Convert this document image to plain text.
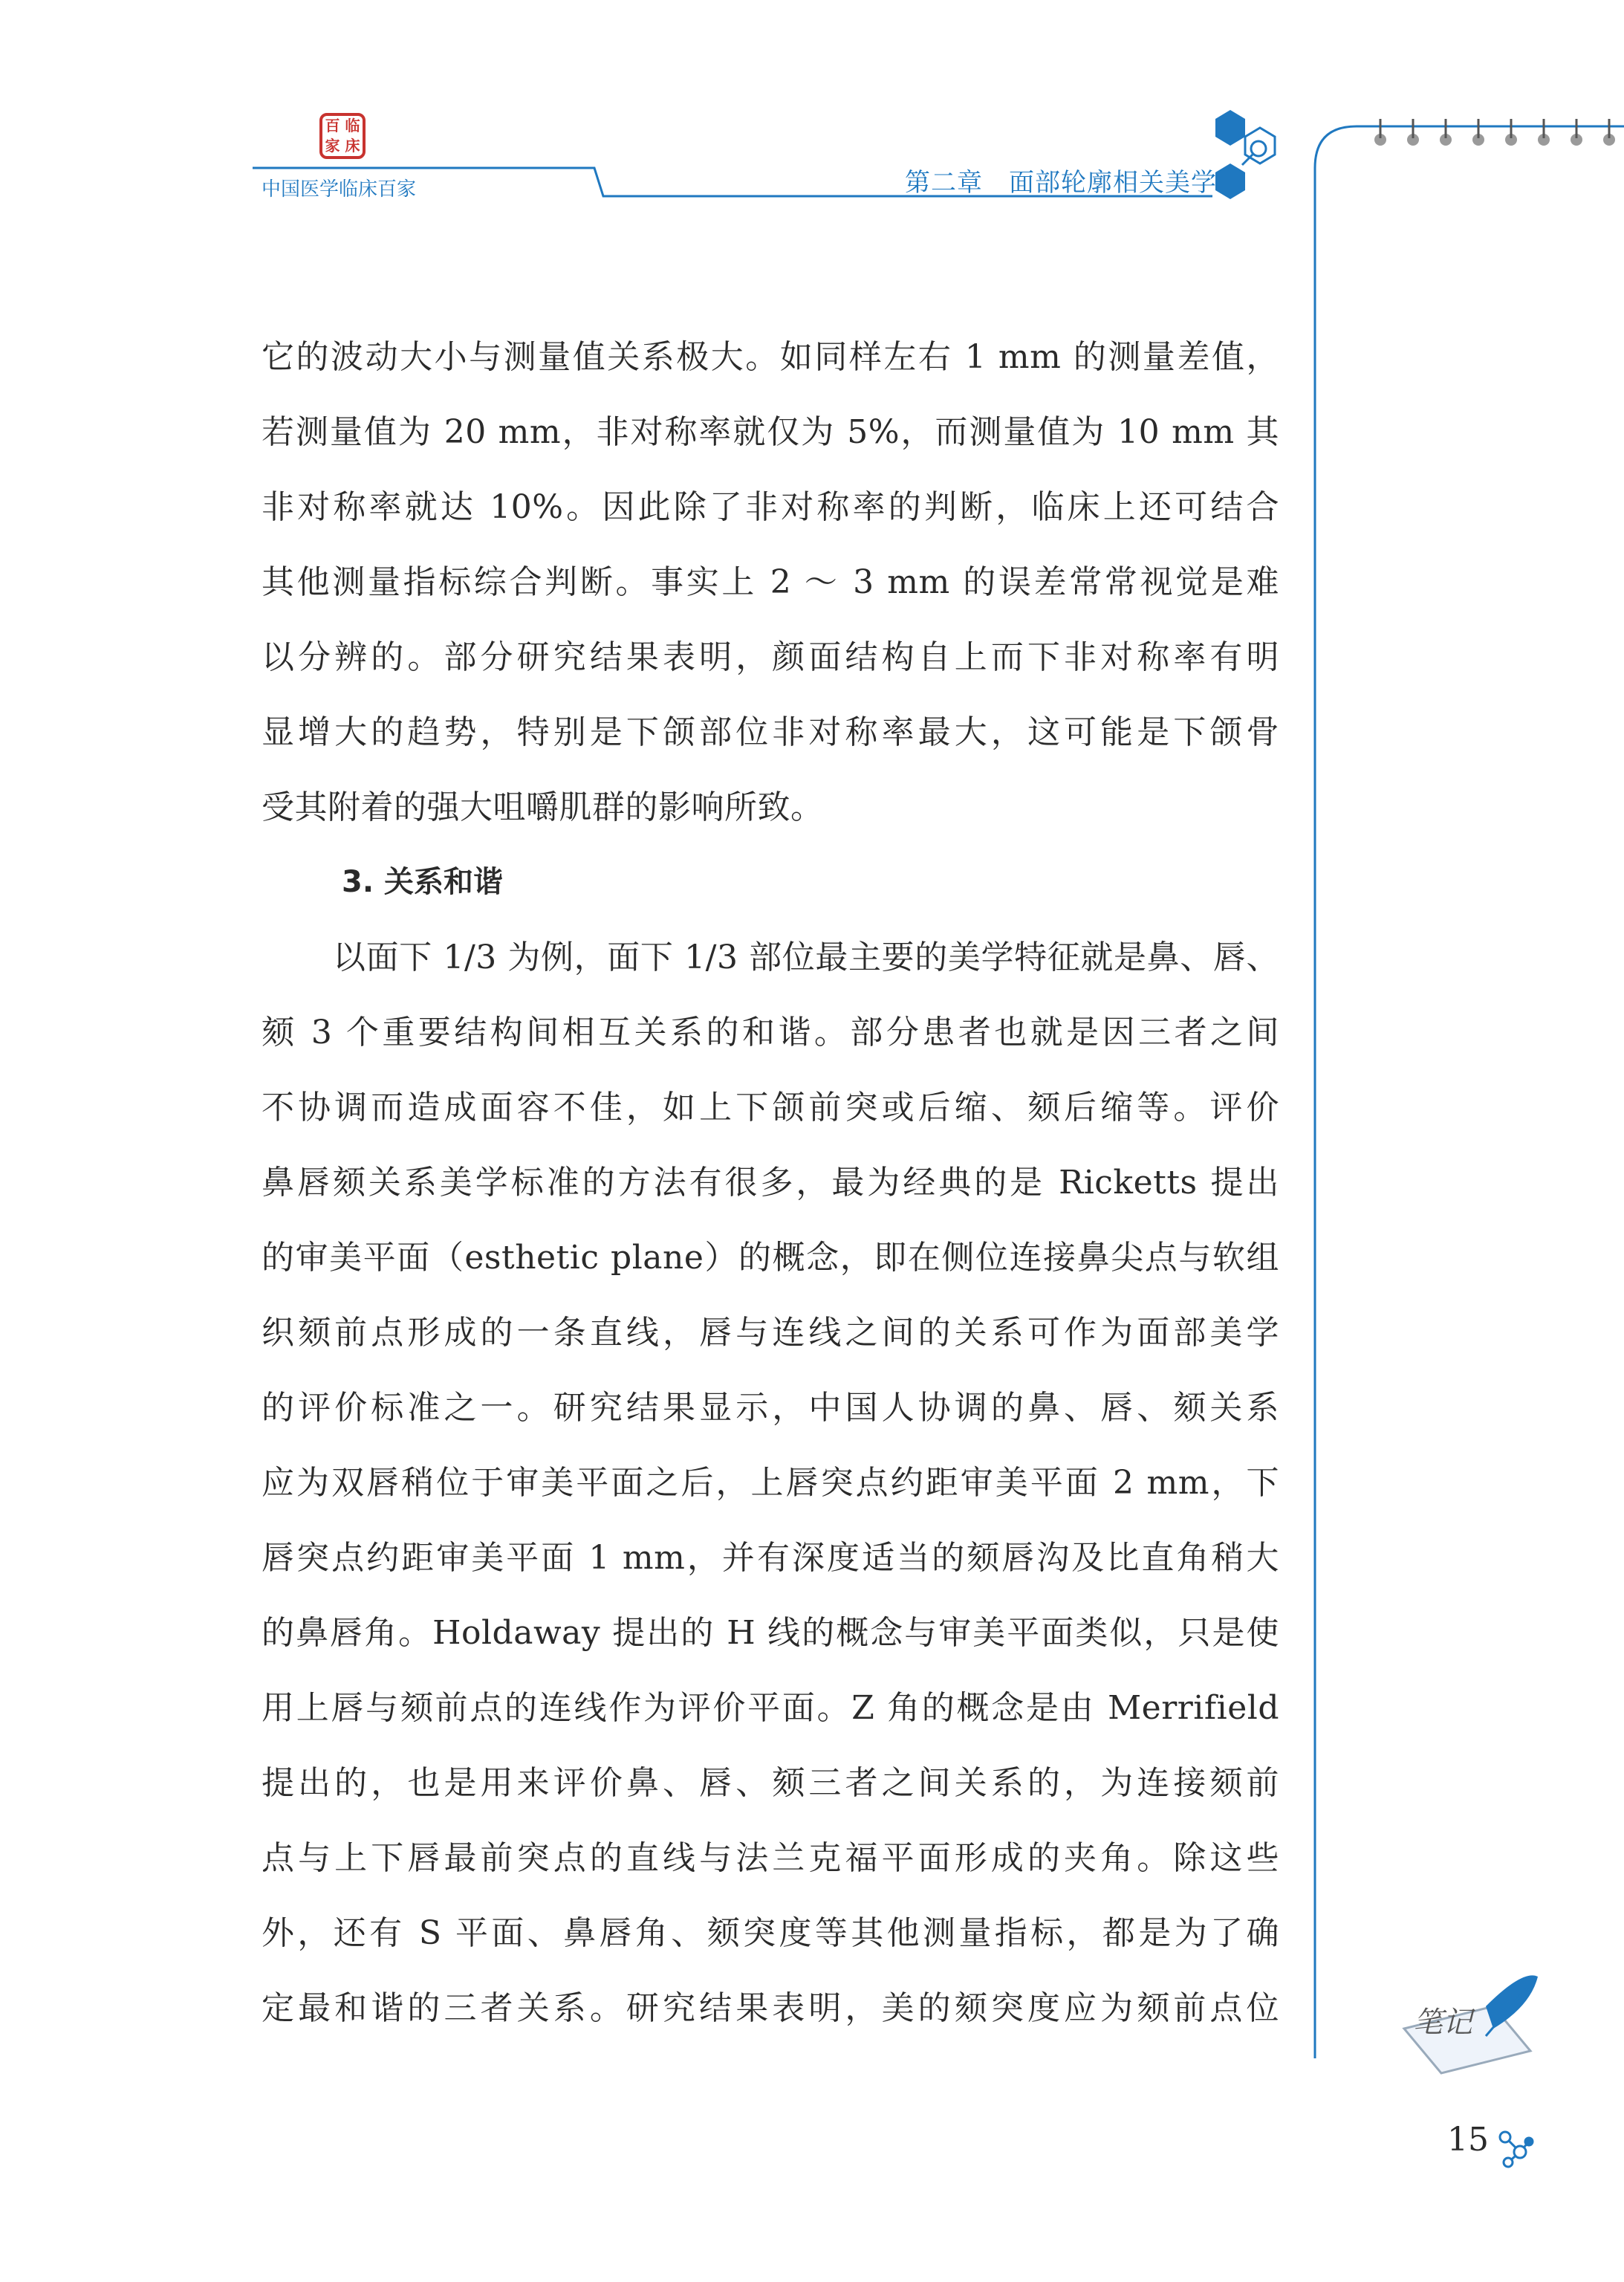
百 临
家 床
中国医学临床百家	第二章　面部轮廓相关美学
它的波动大小与测量值关系极大。如同样左右 1 mm 的测量差值，
若测量值为 20 mm，非对称率就仅为 5%，而测量值为 10 mm 其
非对称率就达 10%。因此除了非对称率的判断，临床上还可结合
其他测量指标综合判断。事实上 2 ～ 3 mm 的误差常常视觉是难
以分辨的。部分研究结果表明，颜面结构自上而下非对称率有明
显增大的趋势，特别是下颌部位非对称率最大，这可能是下颌骨
受其附着的强大咀嚼肌群的影响所致。
3. 关系和谐
以面下 1/3 为例，面下 1/3 部位最主要的美学特征就是鼻、唇、
颏 3 个重要结构间相互关系的和谐。部分患者也就是因三者之间
不协调而造成面容不佳，如上下颌前突或后缩、颏后缩等。评价
鼻唇颏关系美学标准的方法有很多，最为经典的是 Ricketts 提出
的审美平面（esthetic plane）的概念，即在侧位连接鼻尖点与软组
织颏前点形成的一条直线，唇与连线之间的关系可作为面部美学
的评价标准之一。研究结果显示，中国人协调的鼻、唇、颏关系
应为双唇稍位于审美平面之后，上唇突点约距审美平面 2 mm，下
唇突点约距审美平面 1 mm，并有深度适当的颏唇沟及比直角稍大
的鼻唇角。Holdaway 提出的 H 线的概念与审美平面类似，只是使
用上唇与颏前点的连线作为评价平面。Z 角的概念是由 Merrifield
提出的，也是用来评价鼻、唇、颏三者之间关系的，为连接颏前
点与上下唇最前突点的直线与法兰克福平面形成的夹角。除这些
外，还有 S 平面、鼻唇角、颏突度等其他测量指标，都是为了确
定最和谐的三者关系。研究结果表明，美的颏突度应为颏前点位	笔记
15
